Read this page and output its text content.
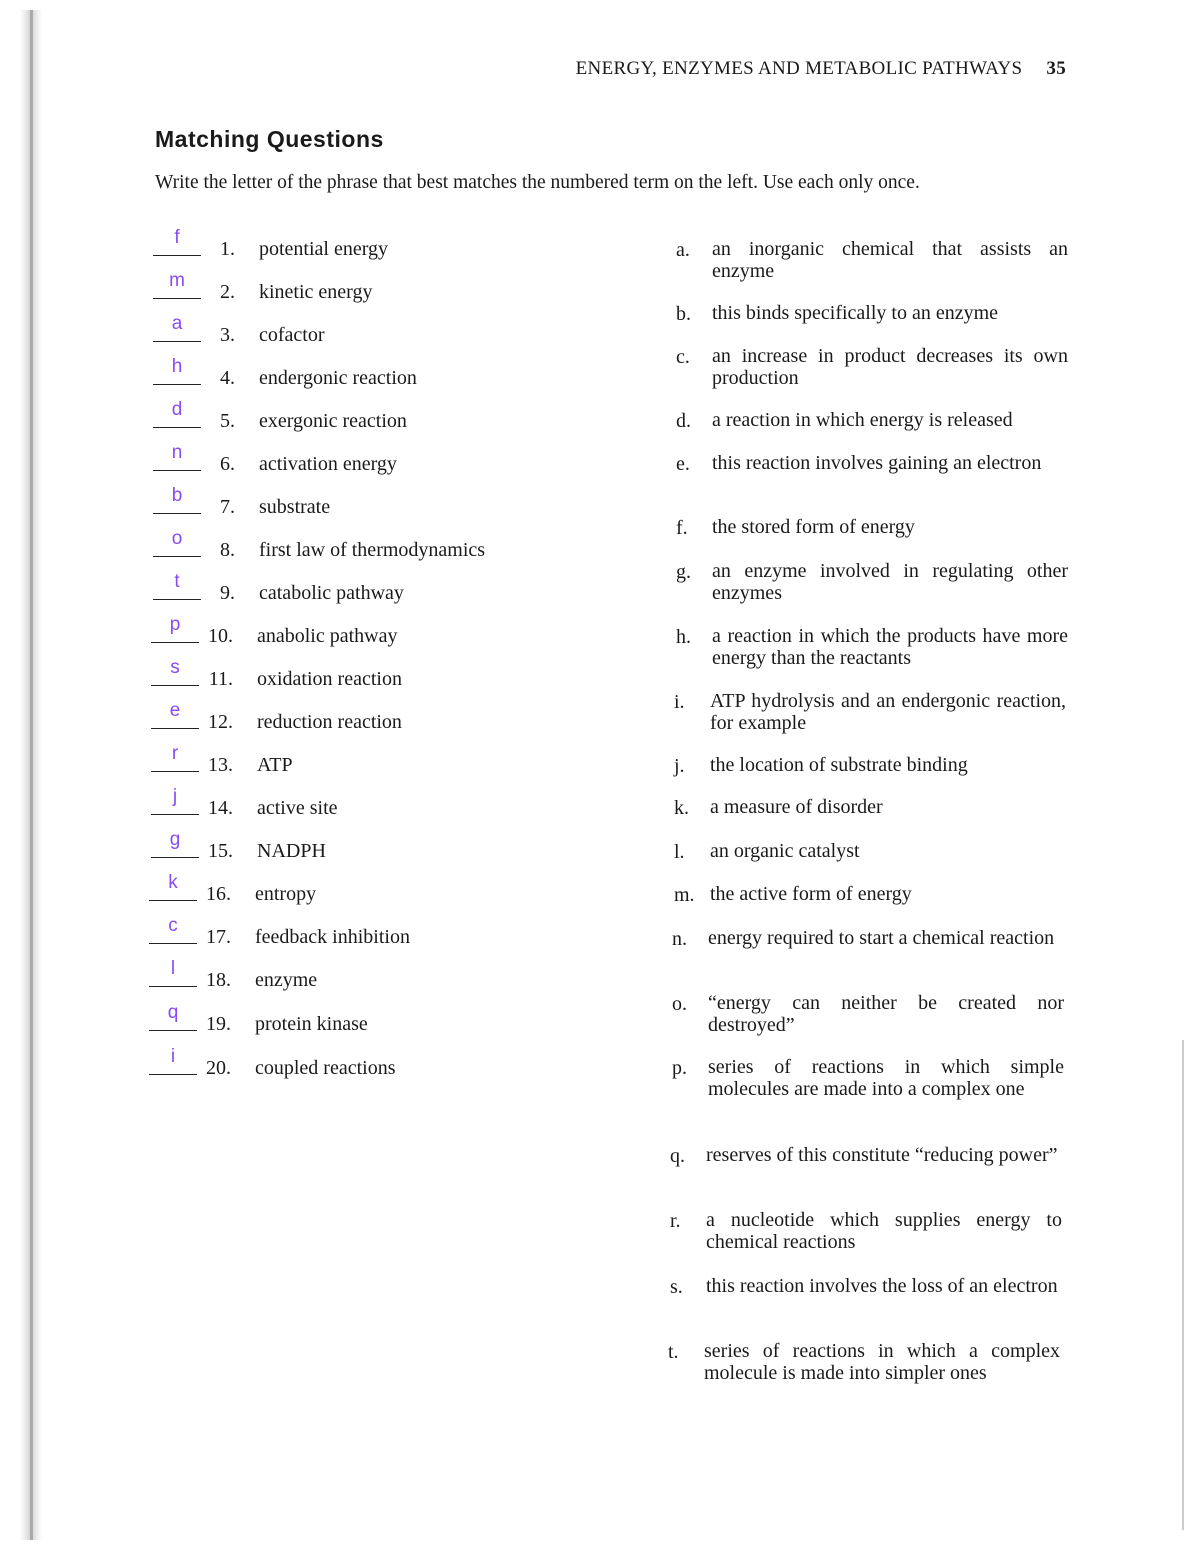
ENERGY, ENZYMES AND METABOLIC PATHWAYS 35
Matching Questions
Write the letter of the phrase that best matches the numbered term on the left. Use each only once.
f
1. potential energy
m
2. kinetic energy
a
3. cofactor
h
4. endergonic reaction
d
5. exergonic reaction
n
6. activation energy
b
7. substrate
o
8. first law of thermodynamics
t
9. catabolic pathway
p
10. anabolic pathway
s
11. oxidation reaction
e
12. reduction reaction
r
13. ATP
j
14. active site
g
15. NADPH
k
16. entropy
c
17. feedback inhibition
l
18. enzyme
q
19. protein kinase
i
20. coupled reactions
a.	an inorganic chemical that assists an enzyme
b.	this binds specifically to an enzyme
c.	an increase in product decreases its own production
d.	a reaction in which energy is released
e.	this reaction involves gaining an electron
f.	the stored form of energy
g.	an enzyme involved in regulating other enzymes
h.	a reaction in which the products have more energy than the reactants
i.	ATP hydrolysis and an endergonic reaction, for example
j.	the location of substrate binding
k.	a measure of disorder
l.	an organic catalyst
m. the active form of energy
n.	energy required to start a chemical reaction
o.	“energy can neither be created nor destroyed”
p.	series of reactions in which simple molecules are made into a complex one
q.	reserves of this constitute “reducing power”
r.	a nucleotide which supplies energy to chemical reactions
s.	this reaction involves the loss of an electron
t.	series of reactions in which a complex molecule is made into simpler ones
